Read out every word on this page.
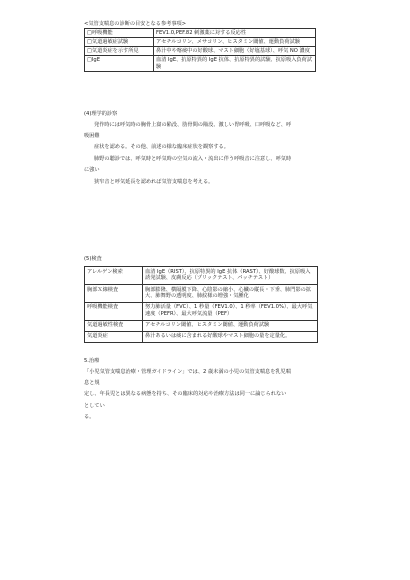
<気管支喘息の診断の目安となる参考事項>
□呼吸機能	FEV1.0,PEF.82 刺激薬に対する反応性
□気道過敏症試験	アセチルコリン、メサコリン、ヒスタミン閾値、運動負荷試験
□気道炎症を示す所見	鼻汁中や喀痰中の好酸球、マスト細胞（好塩基球）、呼気 NO 濃度
□IgE	血清 IgE、抗原特異的 IgE 抗体、抗原特異的試験、抗原吸入負荷試験
(4)理学的診察
発作時には呼気時の胸骨上窩の陥没、肋骨間の陥没、激しい胃呼吸、口呼吸など、呼
吸困難
症状を認める。その他、前述の様な臨床症状を観察する。
肺野の聴診では、呼気時と呼気時の空気の流入・流出に伴う呼吸音に注意し、呼気時
に強い
狭窄音と呼気延長を認めれば気管支喘息を考える。
(5)検査
アレルゲン検索	血清 IgE（RIST）、抗原特異的 IgE 抗体（RAST）、好酸球数、抗原吸入誘発試験、皮膚反応（プリックテスト、パッチテスト）
胸部Ｘ線検査	胸部膨隆、横隔膜下降、心陰影の縮小、心臓の縦長・下垂、肺門影の拡大、肺舞野の透明度、肺紋様の増強・気腫化
呼吸機能検査	努力肺活量（FVC）、1 秒量（FEV1.0）、1 秒率（FEV1.0%）、最大呼気速度（PEFR）、最大呼気流量（PEF）
気道過敏性検査	アセチルコリン閾値、ヒスタミン閾値、運動負荷試験
気道炎症	鼻汁あるいは痰に含まれる好酸球やマスト細胞の量を定量化。
5.治療
「小児気管支喘息治療・管理ガイドライン」では、2 歳未満の小児の気管支喘息を乳児喘
息と規
定し、年長児とは異なる病態を持ち、その臨床的対応や治療方法は同一に論じられない
としてい
る。
